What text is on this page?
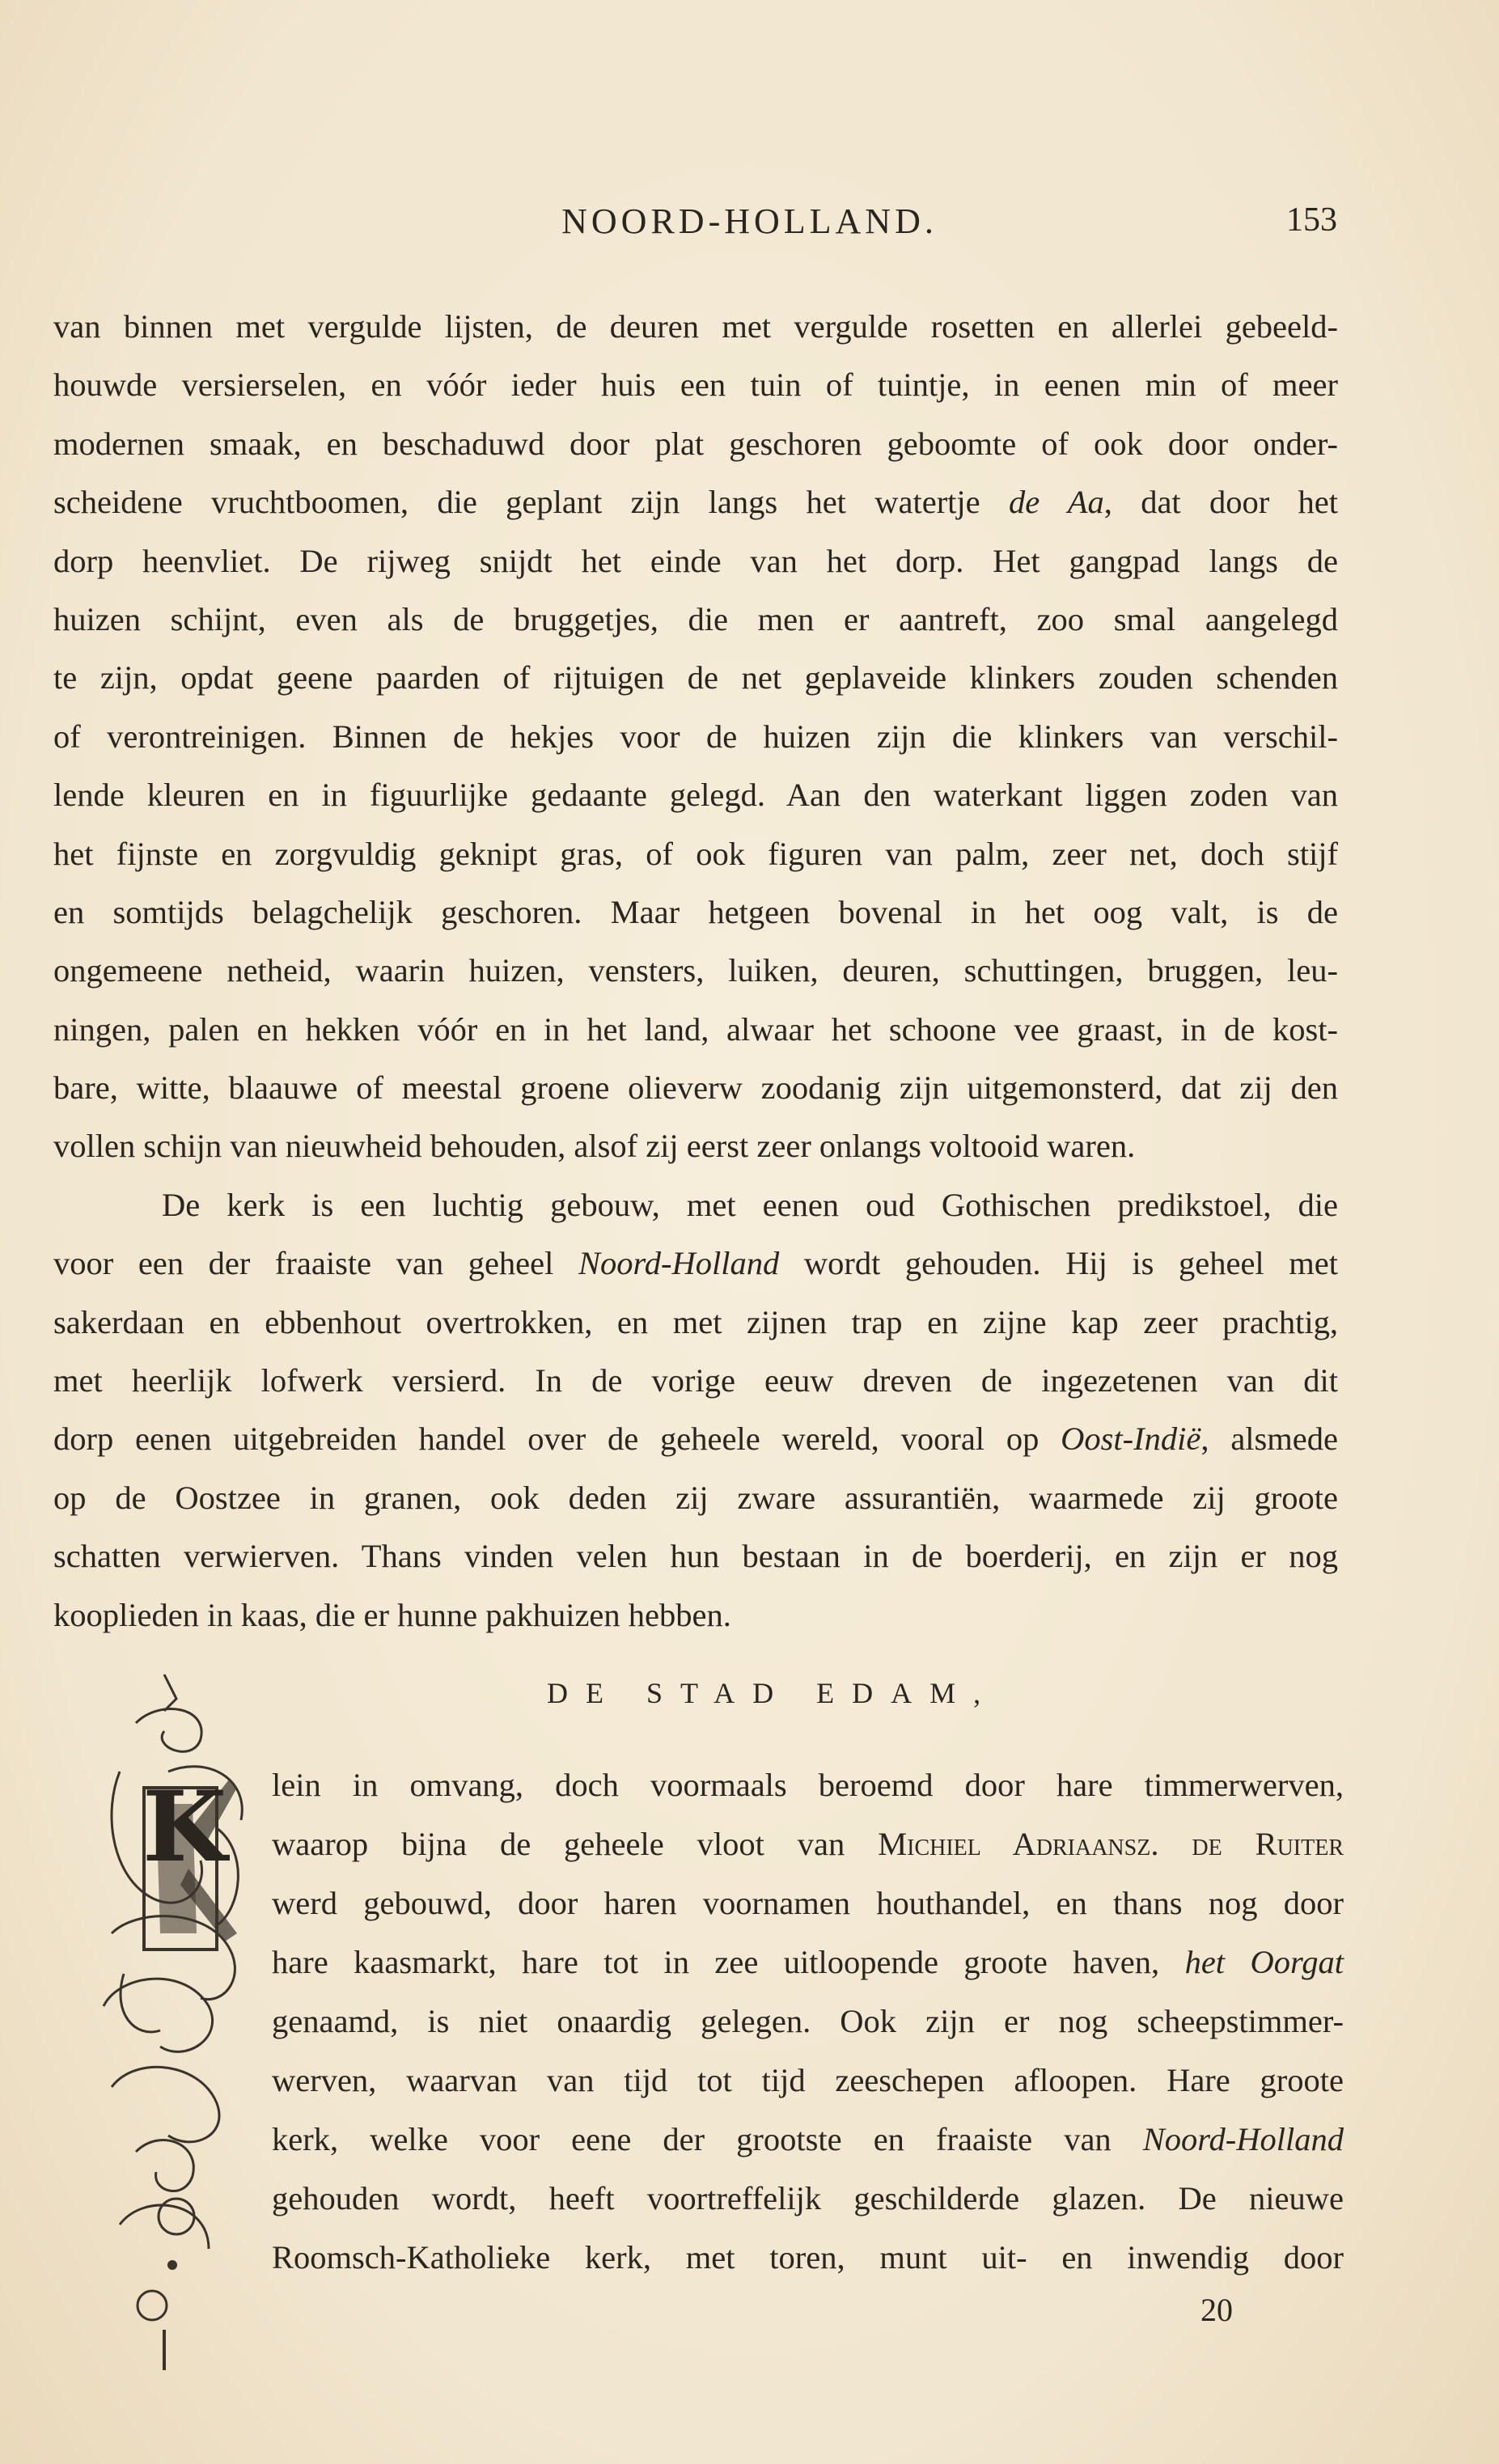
NOORD-HOLLAND.	153
van binnen met vergulde lijsten, de deuren met vergulde rosetten en allerlei gebeeld-
houwde versierselen, en vóór ieder huis een tuin of tuintje, in eenen min of meer
modernen smaak, en beschaduwd door plat geschoren geboomte of ook door onder-
scheidene vruchtboomen, die geplant zijn langs het watertje de Aa, dat door het
dorp heenvliet. De rijweg snijdt het einde van het dorp. Het gangpad langs de
huizen schijnt, even als de bruggetjes, die men er aantreft, zoo smal aangelegd
te zijn, opdat geene paarden of rijtuigen de net geplaveide klinkers zouden schenden
of verontreinigen. Binnen de hekjes voor de huizen zijn die klinkers van verschil-
lende kleuren en in figuurlijke gedaante gelegd. Aan den waterkant liggen zoden van
het fijnste en zorgvuldig geknipt gras, of ook figuren van palm, zeer net, doch stijf
en somtijds belagchelijk geschoren. Maar hetgeen bovenal in het oog valt, is de
ongemeene netheid, waarin huizen, vensters, luiken, deuren, schuttingen, bruggen, leu-
ningen, palen en hekken vóór en in het land, alwaar het schoone vee graast, in de kost-
bare, witte, blaauwe of meestal groene olieverw zoodanig zijn uitgemonsterd, dat zij den
vollen schijn van nieuwheid behouden, alsof zij eerst zeer onlangs voltooid waren.
De kerk is een luchtig gebouw, met eenen oud Gothischen predikstoel, die
voor een der fraaiste van geheel Noord-Holland wordt gehouden. Hij is geheel met
sakerdaan en ebbenhout overtrokken, en met zijnen trap en zijne kap zeer prachtig,
met heerlijk lofwerk versierd. In de vorige eeuw dreven de ingezetenen van dit
dorp eenen uitgebreiden handel over de geheele wereld, vooral op Oost-Indië, alsmede
op de Oostzee in granen, ook deden zij zware assurantiën, waarmede zij groote
schatten verwierven. Thans vinden velen hun bestaan in de boerderij, en zijn er nog
kooplieden in kaas, die er hunne pakhuizen hebben.
DE STAD EDAM,
K lein in omvang, doch voormaals beroemd door hare timmerwerven,
waarop bijna de geheele vloot van Michiel Adriaansz. de Ruiter
werd gebouwd, door haren voornamen houthandel, en thans nog door
hare kaasmarkt, hare tot in zee uitloopende groote haven, het Oorgat
genaamd, is niet onaardig gelegen. Ook zijn er nog scheepstimmer-
werven, waarvan van tijd tot tijd zeeschepen afloopen. Hare groote
kerk, welke voor eene der grootste en fraaiste van Noord-Holland
gehouden wordt, heeft voortreffelijk geschilderde glazen. De nieuwe
Roomsch-Katholieke kerk, met toren, munt uit- en inwendig door
20
